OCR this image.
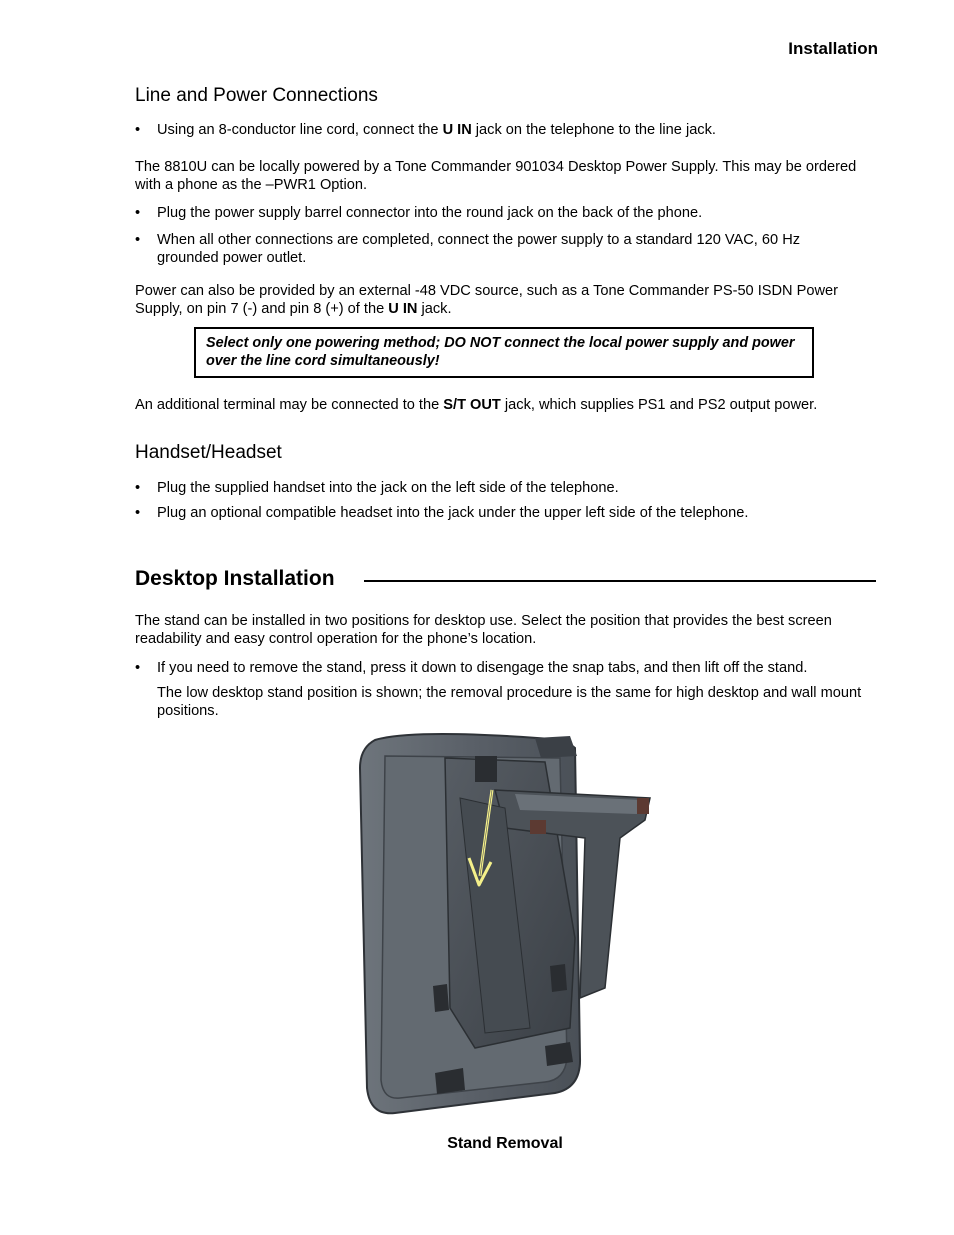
Installation
Line and Power Connections
• Using an 8-conductor line cord, connect the U IN jack on the telephone to the line jack.
The 8810U can be locally powered by a Tone Commander 901034 Desktop Power Supply. This may be ordered with a phone as the –PWR1 Option.
• Plug the power supply barrel connector into the round jack on the back of the phone.
• When all other connections are completed, connect the power supply to a standard 120 VAC, 60 Hz grounded power outlet.
Power can also be provided by an external -48 VDC source, such as a Tone Commander PS-50 ISDN Power Supply, on pin 7 (-) and pin 8 (+) of the U IN jack.
Select only one powering method; DO NOT connect the local power supply and power over the line cord simultaneously!
An additional terminal may be connected to the S/T OUT jack, which supplies PS1 and PS2 output power.
Handset/Headset
• Plug the supplied handset into the jack on the left side of the telephone.
• Plug an optional compatible headset into the jack under the upper left side of the telephone.
Desktop Installation
The stand can be installed in two positions for desktop use. Select the position that provides the best screen readability and easy control operation for the phone’s location.
• If you need to remove the stand, press it down to disengage the snap tabs, and then lift off the stand.
The low desktop stand position is shown; the removal procedure is the same for high desktop and wall mount positions.
Stand Removal
